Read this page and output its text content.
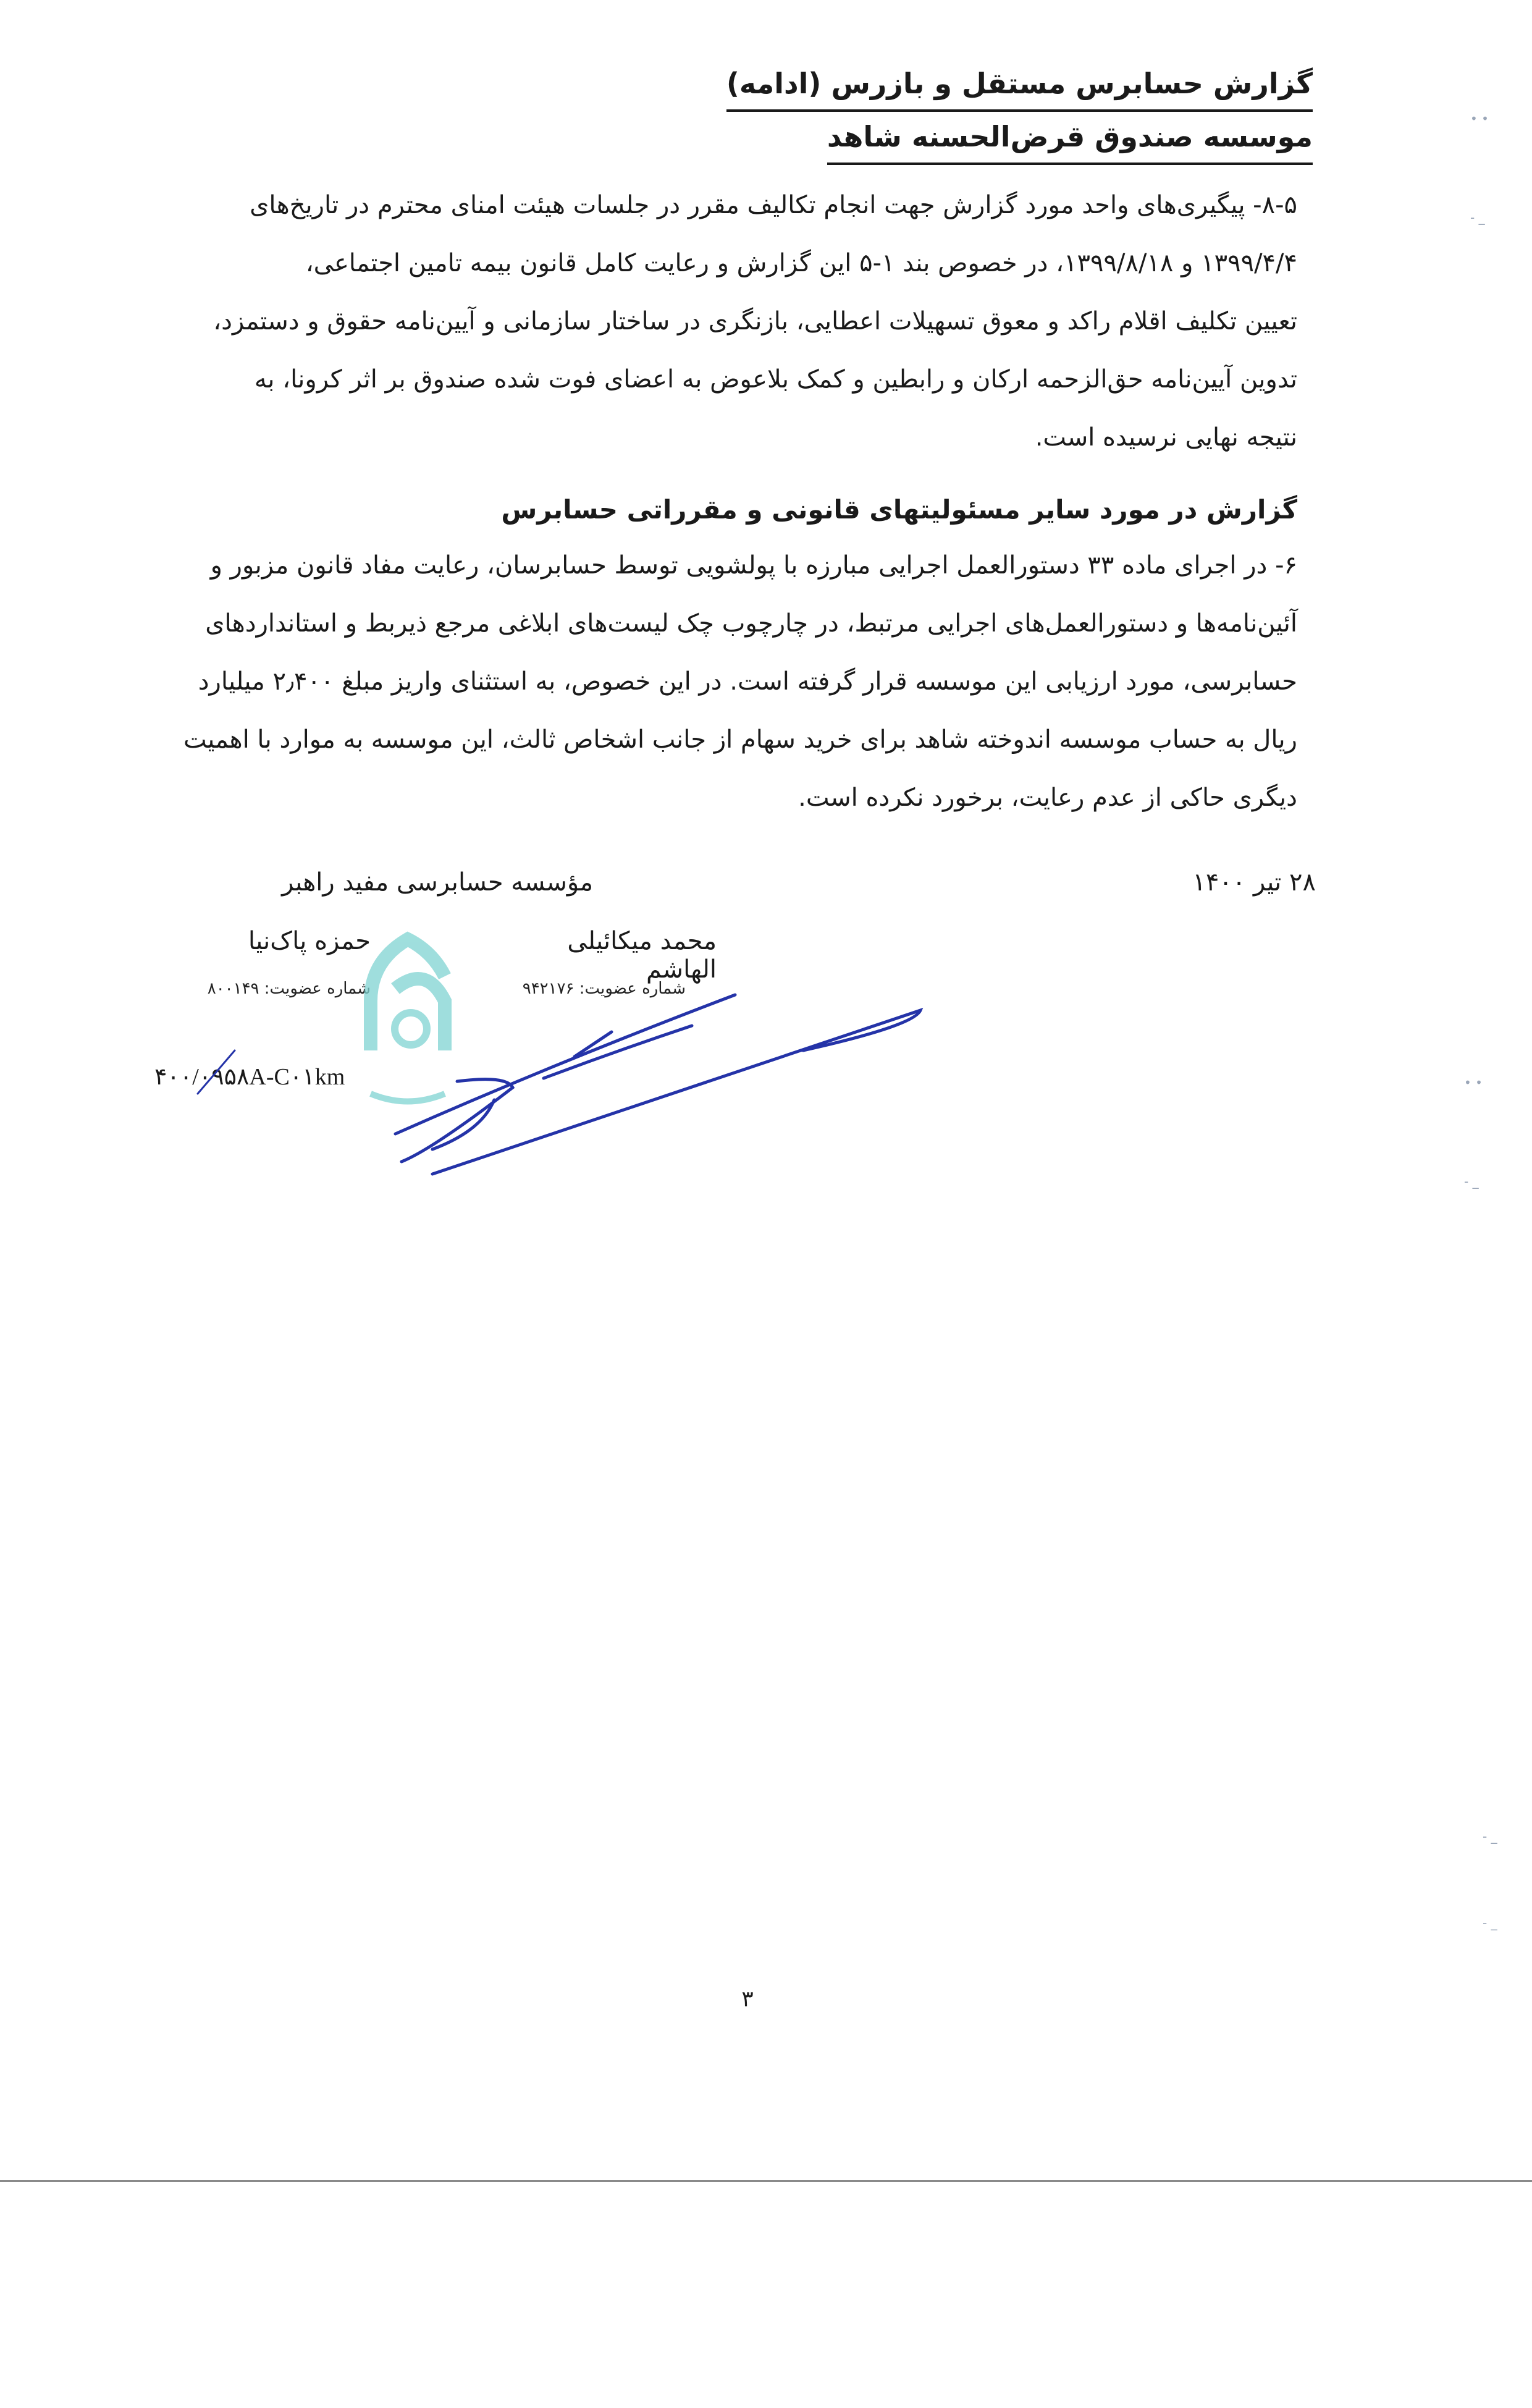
گزارش حسابرس مستقل و بازرس (ادامه)
موسسه صندوق قرض‌الحسنه شاهد

۸-۵- پیگیری‌های واحد مورد گزارش جهت انجام تکالیف مقرر در جلسات هیئت امنای محترم در تاریخ‌های

۱۳۹۹/۴/۴ و ۱۳۹۹/۸/۱۸، در خصوص بند ۱-۵ این گزارش و رعایت کامل قانون بیمه تامین اجتماعی،

تعیین تکلیف اقلام راکد و معوق تسهیلات اعطایی، بازنگری در ساختار سازمانی و آیین‌نامه حقوق و دستمزد،

تدوین آیین‌نامه حق‌الزحمه ارکان و رابطین و کمک بلاعوض به اعضای فوت شده صندوق بر اثر کرونا، به

نتیجه نهایی نرسیده است.

گزارش در مورد سایر مسئولیتهای قانونی و مقرراتی حسابرس

۶- در اجرای ماده ۳۳ دستورالعمل اجرایی مبارزه با پولشویی توسط حسابرسان، رعایت مفاد قانون مزبور و

آئین‌نامه‌ها و دستورالعمل‌های اجرایی مرتبط، در چارچوب چک لیست‌های ابلاغی مرجع ذیربط و استانداردهای

حسابرسی، مورد ارزیابی این موسسه قرار گرفته است. در این خصوص، به استثنای واریز مبلغ ۲٫۴۰۰ میلیارد

ریال به حساب موسسه اندوخته شاهد برای خرید سهام از جانب اشخاص ثالث، این موسسه به موارد با اهمیت

دیگری حاکی از عدم رعایت، برخورد نکرده است.

۲۸ تیر ۱۴۰۰
مؤسسه حسابرسی مفید راهبر
محمد میکائیلی الهاشم
شماره عضویت: ۹۴۲۱۷۶
حمزه پاک‌نیا
شماره عضویت: ۸۰۰۱۴۹
۴۰۰/۰۹۵۸A-C۰۱km
۳
• •
- _
• •
- _
- _
- _
